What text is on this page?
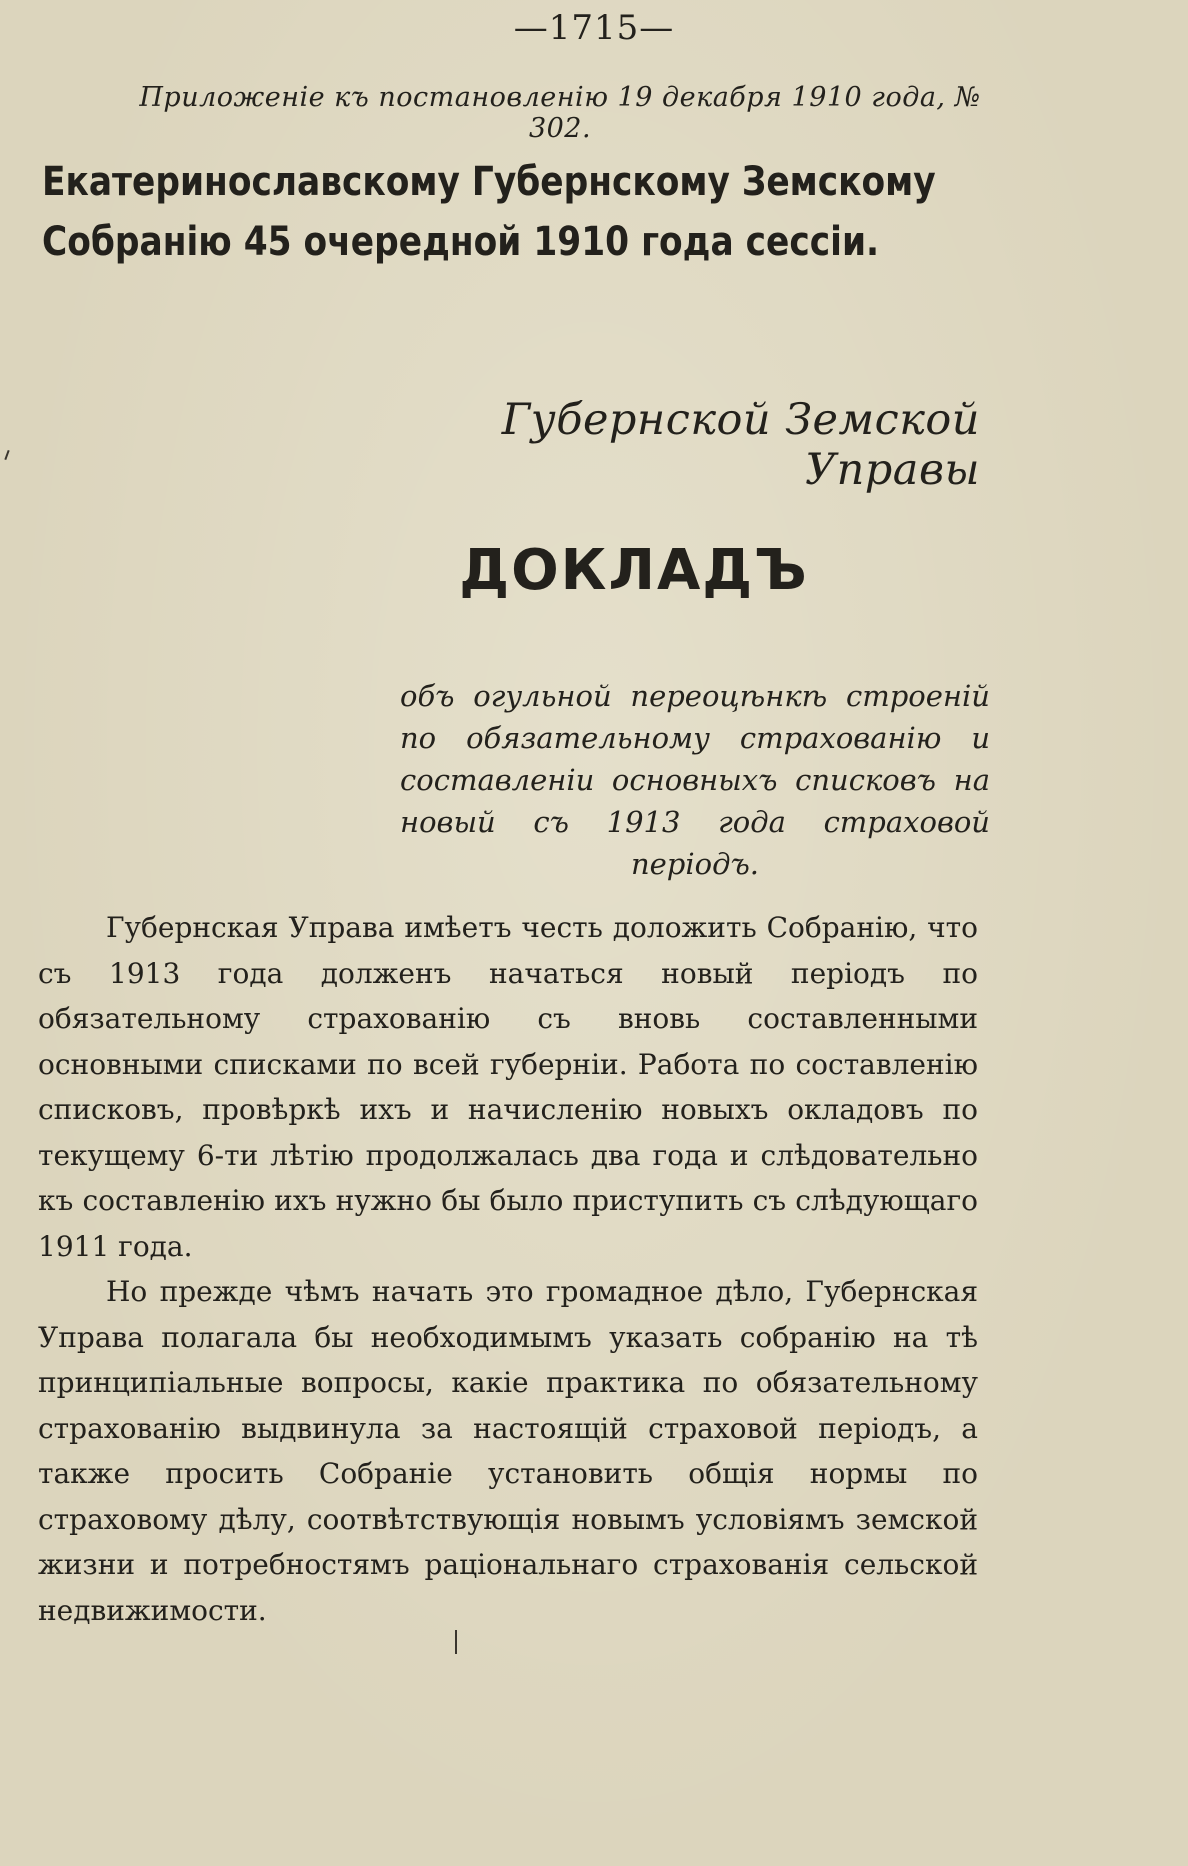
—1715—
Приложеніе къ постановленію 19 декабря 1910 года, № 302.
Екатеринославскому Губернскому Земскому Собранію 45 очередной 1910 года сессіи.
Губернской Земской Управы
ДОКЛАДЪ
объ огульной переоцѣнкѣ строеній по обязательному страхованію и составленіи основныхъ списковъ на новый съ 1913 года страховой періодъ.

Губернская Управа имѣетъ честь доложить Собранію, что съ 1913 года долженъ начаться новый періодъ по обязательному страхованію съ вновь составленными основными списками по всей губерніи. Работа по составленію списковъ, провѣркѣ ихъ и начисленію новыхъ окладовъ по текущему 6-ти лѣтію продолжалась два года и слѣдовательно къ составленію ихъ нужно бы было приступить съ слѣдующаго 1911 года.

Но прежде чѣмъ начать это громадное дѣло, Губернская Управа полагала бы необходимымъ указать собранію на тѣ принципіальные вопросы, какіе практика по обязательному страхованію выдвинула за настоящій страховой періодъ, а также просить Собраніе установить общія нормы по страховому дѣлу, соотвѣтствующія новымъ условіямъ земской жизни и потребностямъ раціональнаго страхованія сельской недвижимости.
